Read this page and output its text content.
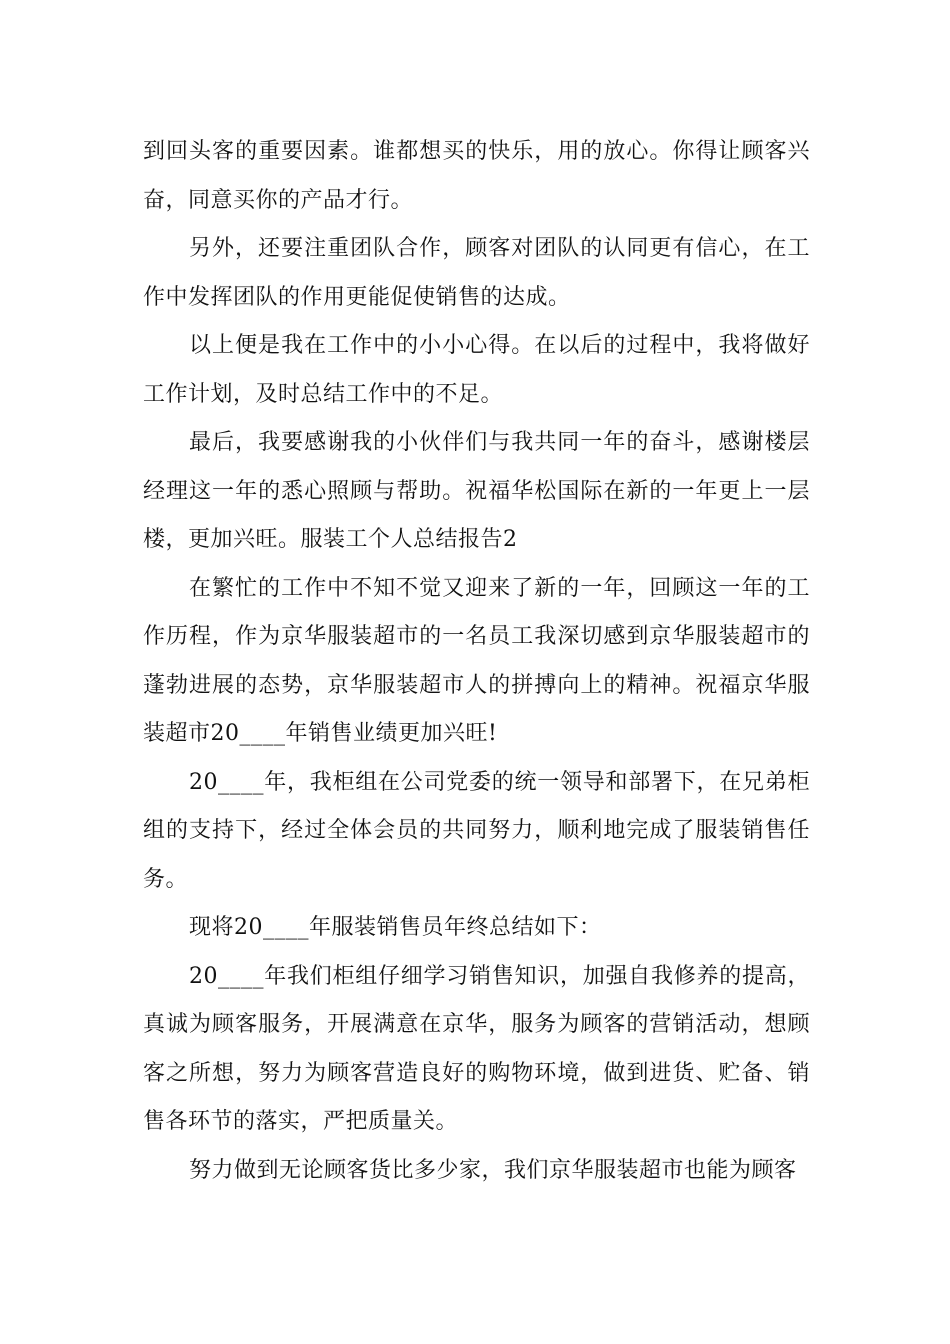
到回头客的重要因素。谁都想买的快乐，用的放心。你得让顾客兴奋，同意买你的产品才行。

另外，还要注重团队合作，顾客对团队的认同更有信心，在工作中发挥团队的作用更能促使销售的达成。

以上便是我在工作中的小小心得。在以后的过程中，我将做好工作计划，及时总结工作中的不足。

最后，我要感谢我的小伙伴们与我共同一年的奋斗，感谢楼层经理这一年的悉心照顾与帮助。祝福华松国际在新的一年更上一层楼，更加兴旺。服装工个人总结报告2

在繁忙的工作中不知不觉又迎来了新的一年，回顾这一年的工作历程，作为京华服装超市的一名员工我深切感到京华服装超市的蓬勃进展的态势，京华服装超市人的拼搏向上的精神。祝福京华服装超市20____年销售业绩更加兴旺!

20____年，我柜组在公司党委的统一领导和部署下，在兄弟柜组的支持下，经过全体会员的共同努力，顺利地完成了服装销售任务。

现将20____年服装销售员年终总结如下：

20____年我们柜组仔细学习销售知识，加强自我修养的提高，真诚为顾客服务，开展满意在京华，服务为顾客的营销活动，想顾客之所想，努力为顾客营造良好的购物环境，做到进货、贮备、销售各环节的落实，严把质量关。

努力做到无论顾客货比多少家，我们京华服装超市也能为顾客
